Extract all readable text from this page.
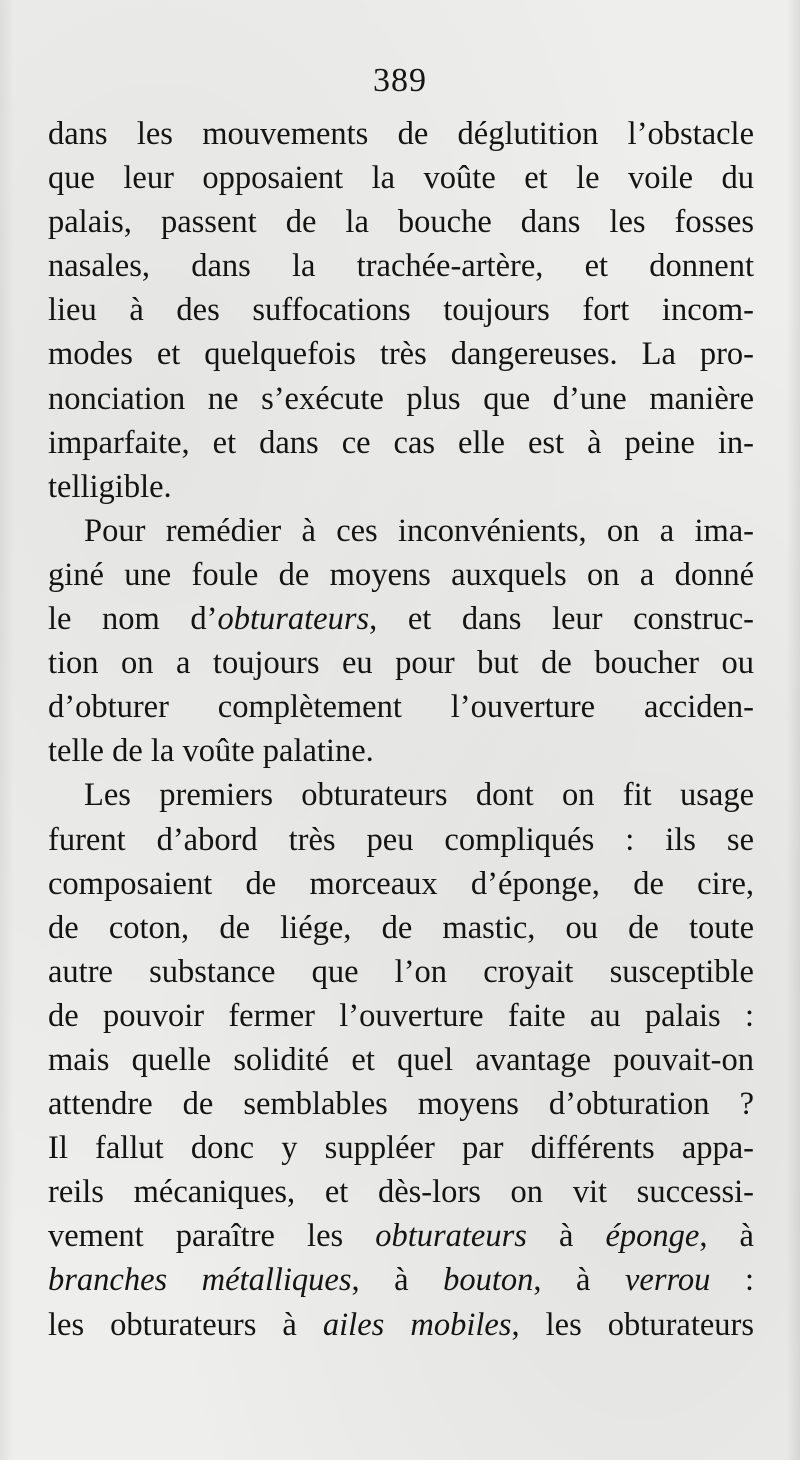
389
dans les mouvements de déglutition l’obstacle
que leur opposaient la voûte et le voile du
palais, passent de la bouche dans les fosses
nasales, dans la trachée-artère, et donnent
lieu à des suffocations toujours fort incom-
modes et quelquefois très dangereuses. La pro-
nonciation ne s’exécute plus que d’une manière
imparfaite, et dans ce cas elle est à peine in-
telligible.
Pour remédier à ces inconvénients, on a ima-
giné une foule de moyens auxquels on a donné
le nom d’obturateurs, et dans leur construc-
tion on a toujours eu pour but de boucher ou
d’obturer complètement l’ouverture acciden-
telle de la voûte palatine.
Les premiers obturateurs dont on fit usage
furent d’abord très peu compliqués : ils se
composaient de morceaux d’éponge, de cire,
de coton, de liége, de mastic, ou de toute
autre substance que l’on croyait susceptible
de pouvoir fermer l’ouverture faite au palais :
mais quelle solidité et quel avantage pouvait-on
attendre de semblables moyens d’obturation ?
Il fallut donc y suppléer par différents appa-
reils mécaniques, et dès-lors on vit successi-
vement paraître les obturateurs à éponge, à
branches métalliques, à bouton, à verrou :
les obturateurs à ailes mobiles, les obturateurs
